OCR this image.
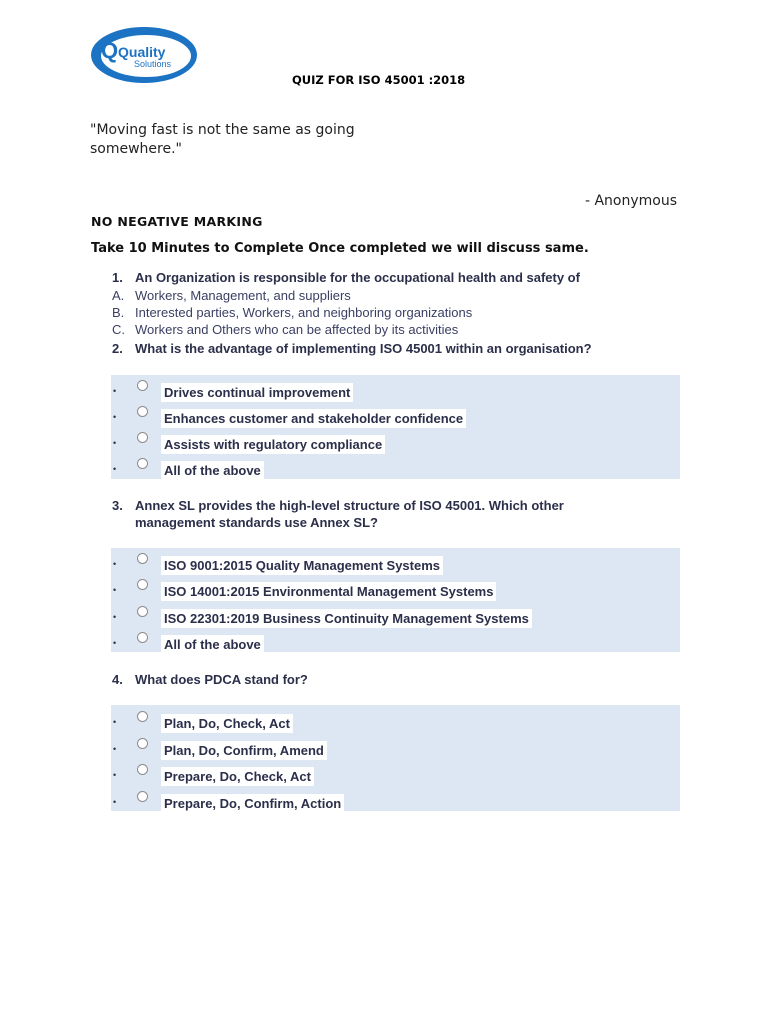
Q Quality
Solutions
QUIZ FOR ISO 45001 :2018
"Moving fast is not the same as going somewhere."
- Anonymous
NO NEGATIVE MARKING
Take 10 Minutes to Complete Once completed we will discuss same.
1. An Organization is responsible for the occupational health and safety of
A. Workers, Management, and suppliers
B. Interested parties, Workers, and neighboring organizations
C. Workers and Others who can be affected by its activities
2. What is the advantage of implementing ISO 45001 within an organisation?
•	Drives continual improvement
•	Enhances customer and stakeholder confidence
•	Assists with regulatory compliance
•	All of the above
3. Annex SL provides the high-level structure of ISO 45001. Which other management standards use Annex SL?
•	ISO 9001:2015 Quality Management Systems
•	ISO 14001:2015 Environmental Management Systems
•	ISO 22301:2019 Business Continuity Management Systems
•	All of the above
4. What does PDCA stand for?
•	Plan, Do, Check, Act
•	Plan, Do, Confirm, Amend
•	Prepare, Do, Check, Act
•	Prepare, Do, Confirm, Action
